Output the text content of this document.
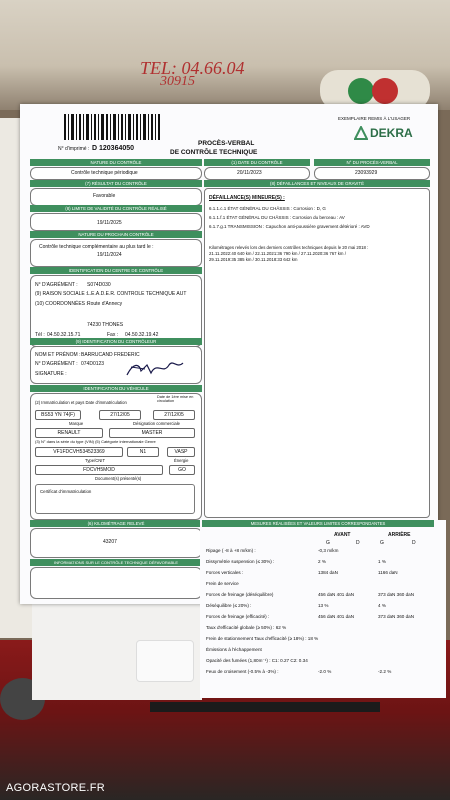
TEL: 04.66.04
30915
N° d'imprimé : D 120364050
PROCÈS-VERBAL
DE CONTRÔLE TECHNIQUE
EXEMPLAIRE REMIS À L'USAGER
DEKRA
NATURE DU CONTRÔLE
Contrôle technique périodique
(1) DATE DU CONTRÔLE
20/11/2023
N° DU PROCÈS-VERBAL
23093929
(7) RÉSULTAT DU CONTRÔLE
Favorable
(8) LIMITE DE VALIDITÉ DU CONTRÔLE RÉALISÉ
19/11/2025
NATURE DU PROCHAIN CONTRÔLE
Contrôle technique complémentaire au plus tard le :
19/11/2024
IDENTIFICATION DU CENTRE DE CONTRÔLE
N° D'AGRÉMENT : S074D030
(9) RAISON SOCIALE : L.E.A.D.E.R. CONTROLE TECHNIQUE AUT
(10) COORDONNÉES : Route d'Annecy
74230 THONES
Tél : 04.50.32.15.71	Fax : 04.50.32.19.42
(9) IDENTIFICATION DU CONTRÔLEUR
NOM ET PRÉNOM : BARRUCAND FREDERIC
N° D'AGRÉMENT : 074D0123
SIGNATURE :
IDENTIFICATION DU VÉHICULE
(2) Immatriculation et pays Date d'immatriculation
Date de 1ère mise en circulation
BS53 YN 74(F)	27/12/05	27/12/05
Marque	Désignation commerciale
RENAULT	MASTER
(3) N° dans la série du type (VIN) (5) Catégorie internationale Genre
VF1FDCVH534523369	N1	VASP
Type/CNIT	Énergie
FDCVH5MOD	GO
Document(s) présenté(s)
Certificat d'immatriculation
(6) KILOMÉTRAGE RELEVÉ
43207
INFORMATIONS SUR LE CONTRÔLE TECHNIQUE DÉFAVORABLE
(8) DÉFAILLANCES ET NIVEAUX DE GRAVITÉ
DÉFAILLANCE(S) MINEURE(S) :
6.1.1.c.1 ÉTAT GÉNÉRAL DU CHÂSSIS : Corrosion : D, G
6.1.1.f.1 ÉTAT GÉNÉRAL DU CHÂSSIS : Corrosion du berceau : AV
6.1.7.g.1 TRANSMISSION : Capuchon anti-poussière gravement détérioré : AVD
Kilométrages relevés lors des derniers contrôles techniques depuis le 20 mai 2018 :
21.11.2022:40 640 km / 22.11.2021:36 790 km / 27.11.2020:36 767 km /
29.11.2019:35 385 km / 30.11.2018:33 642 km
MESURES RÉALISÉES ET VALEURS LIMITES CORRESPONDANTES
AVANT	ARRIÈRE
G	D	G	D
Ripage ( -8 à +8 m/km) :	-0,3 m/km
Dissymétrie suspension (≤ 30%) :	2 %	1 %
Forces verticales :	1384 daN	1166 daN
Frein de service
Forces de freinage (déséquilibre)	456 daN 401 daN	373 daN 360 daN
Déséquilibre (≤ 20%) :	13 %	4 %
Forces de freinage (efficacité) :	456 daN 401 daN	373 daN 360 daN
Taux d'efficacité globale (≥ 50%) : 62 %
Frein de stationnement Taux d'efficacité (≥ 18%) : 18 %
Émissions à l'échappement
Opacité des fumées (1,80m⁻¹) : C1: 0.27 C2: 0.34
Feux de croisement (-0.5% à -3%) :	-2.0 %	-2.2 %
AGORASTORE.FR
